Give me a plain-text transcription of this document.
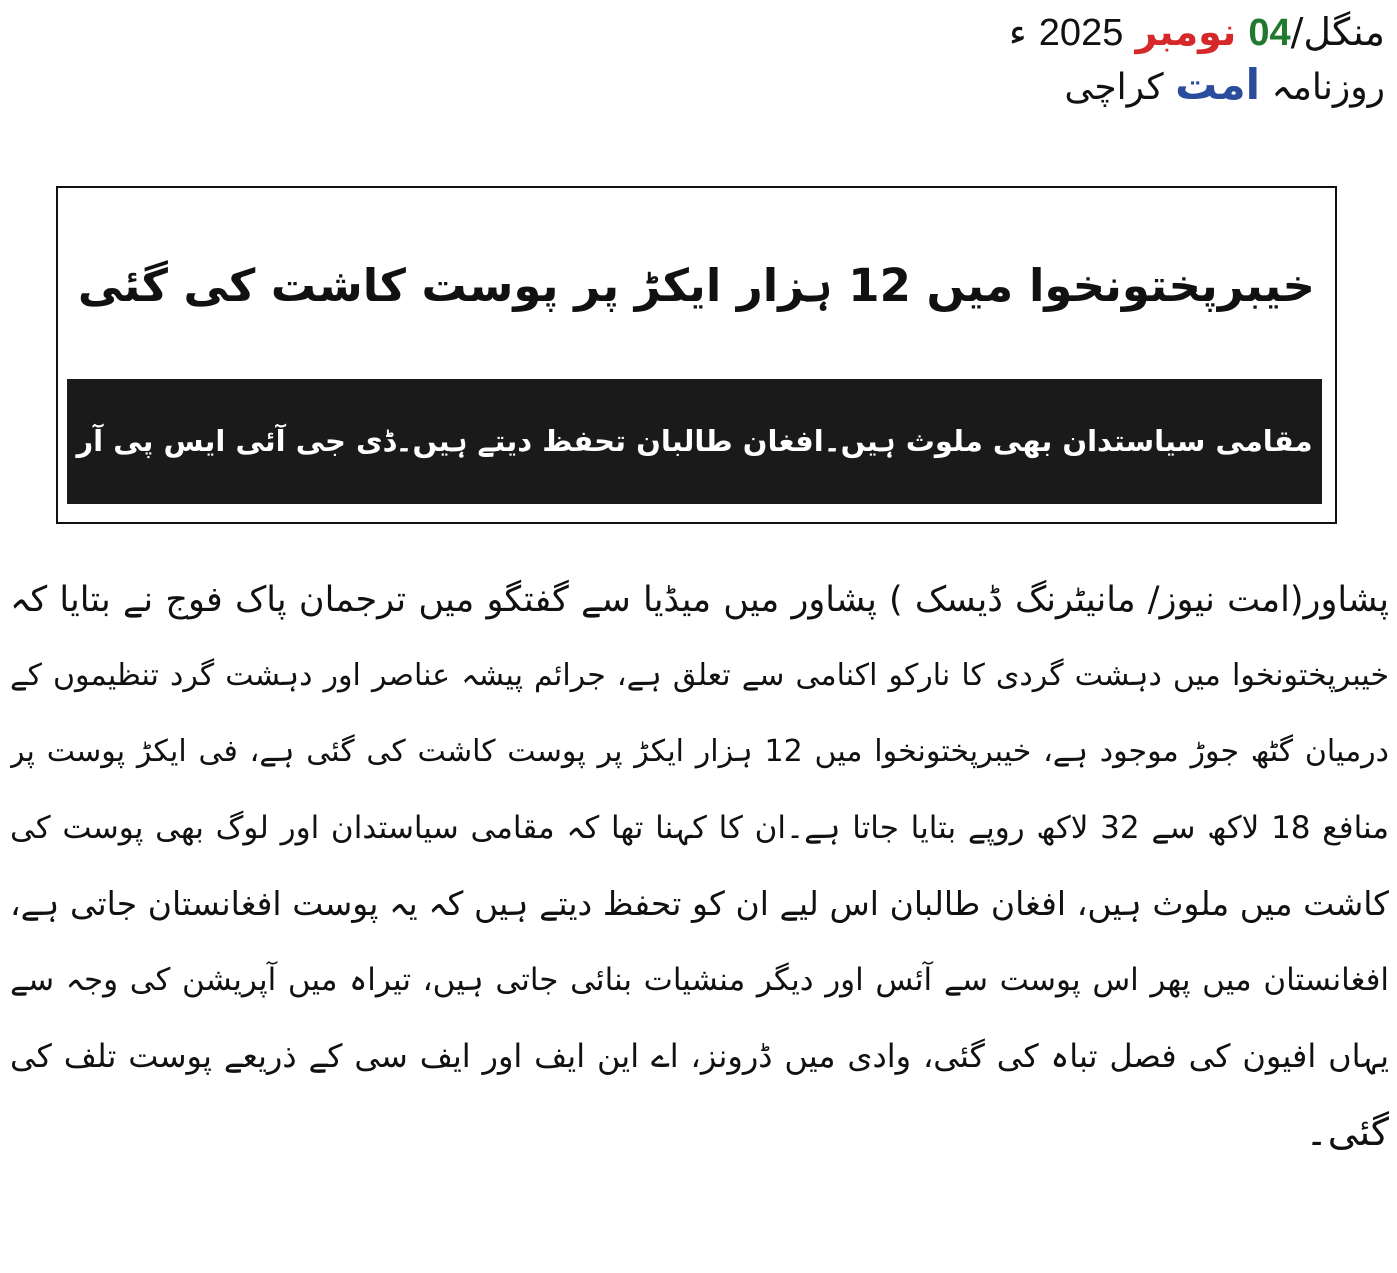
منگل/04 نومبر 2025 ء
روزنامہ امت کراچی
خیبرپختونخوا میں 12 ہزار ایکڑ پر پوست کاشت کی گئی
مقامی سیاستدان بھی ملوث ہیں۔افغان طالبان تحفظ دیتے ہیں۔ڈی جی آئی ایس پی آر
پشاور(امت نیوز/ مانیٹرنگ ڈیسک ) پشاور میں میڈیا سے گفتگو میں ترجمان پاک فوج نے بتایا کہ
خیبرپختونخوا میں دہشت گردی کا نارکو اکنامی سے تعلق ہے، جرائم پیشہ عناصر اور دہشت گرد تنظیموں کے
درمیان گٹھ جوڑ موجود ہے، خیبرپختونخوا میں 12 ہزار ایکڑ پر پوست کاشت کی گئی ہے، فی ایکڑ پوست پر
منافع 18 لاکھ سے 32 لاکھ روپے بتایا جاتا ہے۔ان کا کہنا تھا کہ مقامی سیاستدان اور لوگ بھی پوست کی
کاشت میں ملوث ہیں، افغان طالبان اس لیے ان کو تحفظ دیتے ہیں کہ یہ پوست افغانستان جاتی ہے،
افغانستان میں پھر اس پوست سے آئس اور دیگر منشیات بنائی جاتی ہیں، تیراہ میں آپریشن کی وجہ سے
یہاں افیون کی فصل تباہ کی گئی، وادی میں ڈرونز، اے این ایف اور ایف سی کے ذریعے پوست تلف کی
گئی۔
